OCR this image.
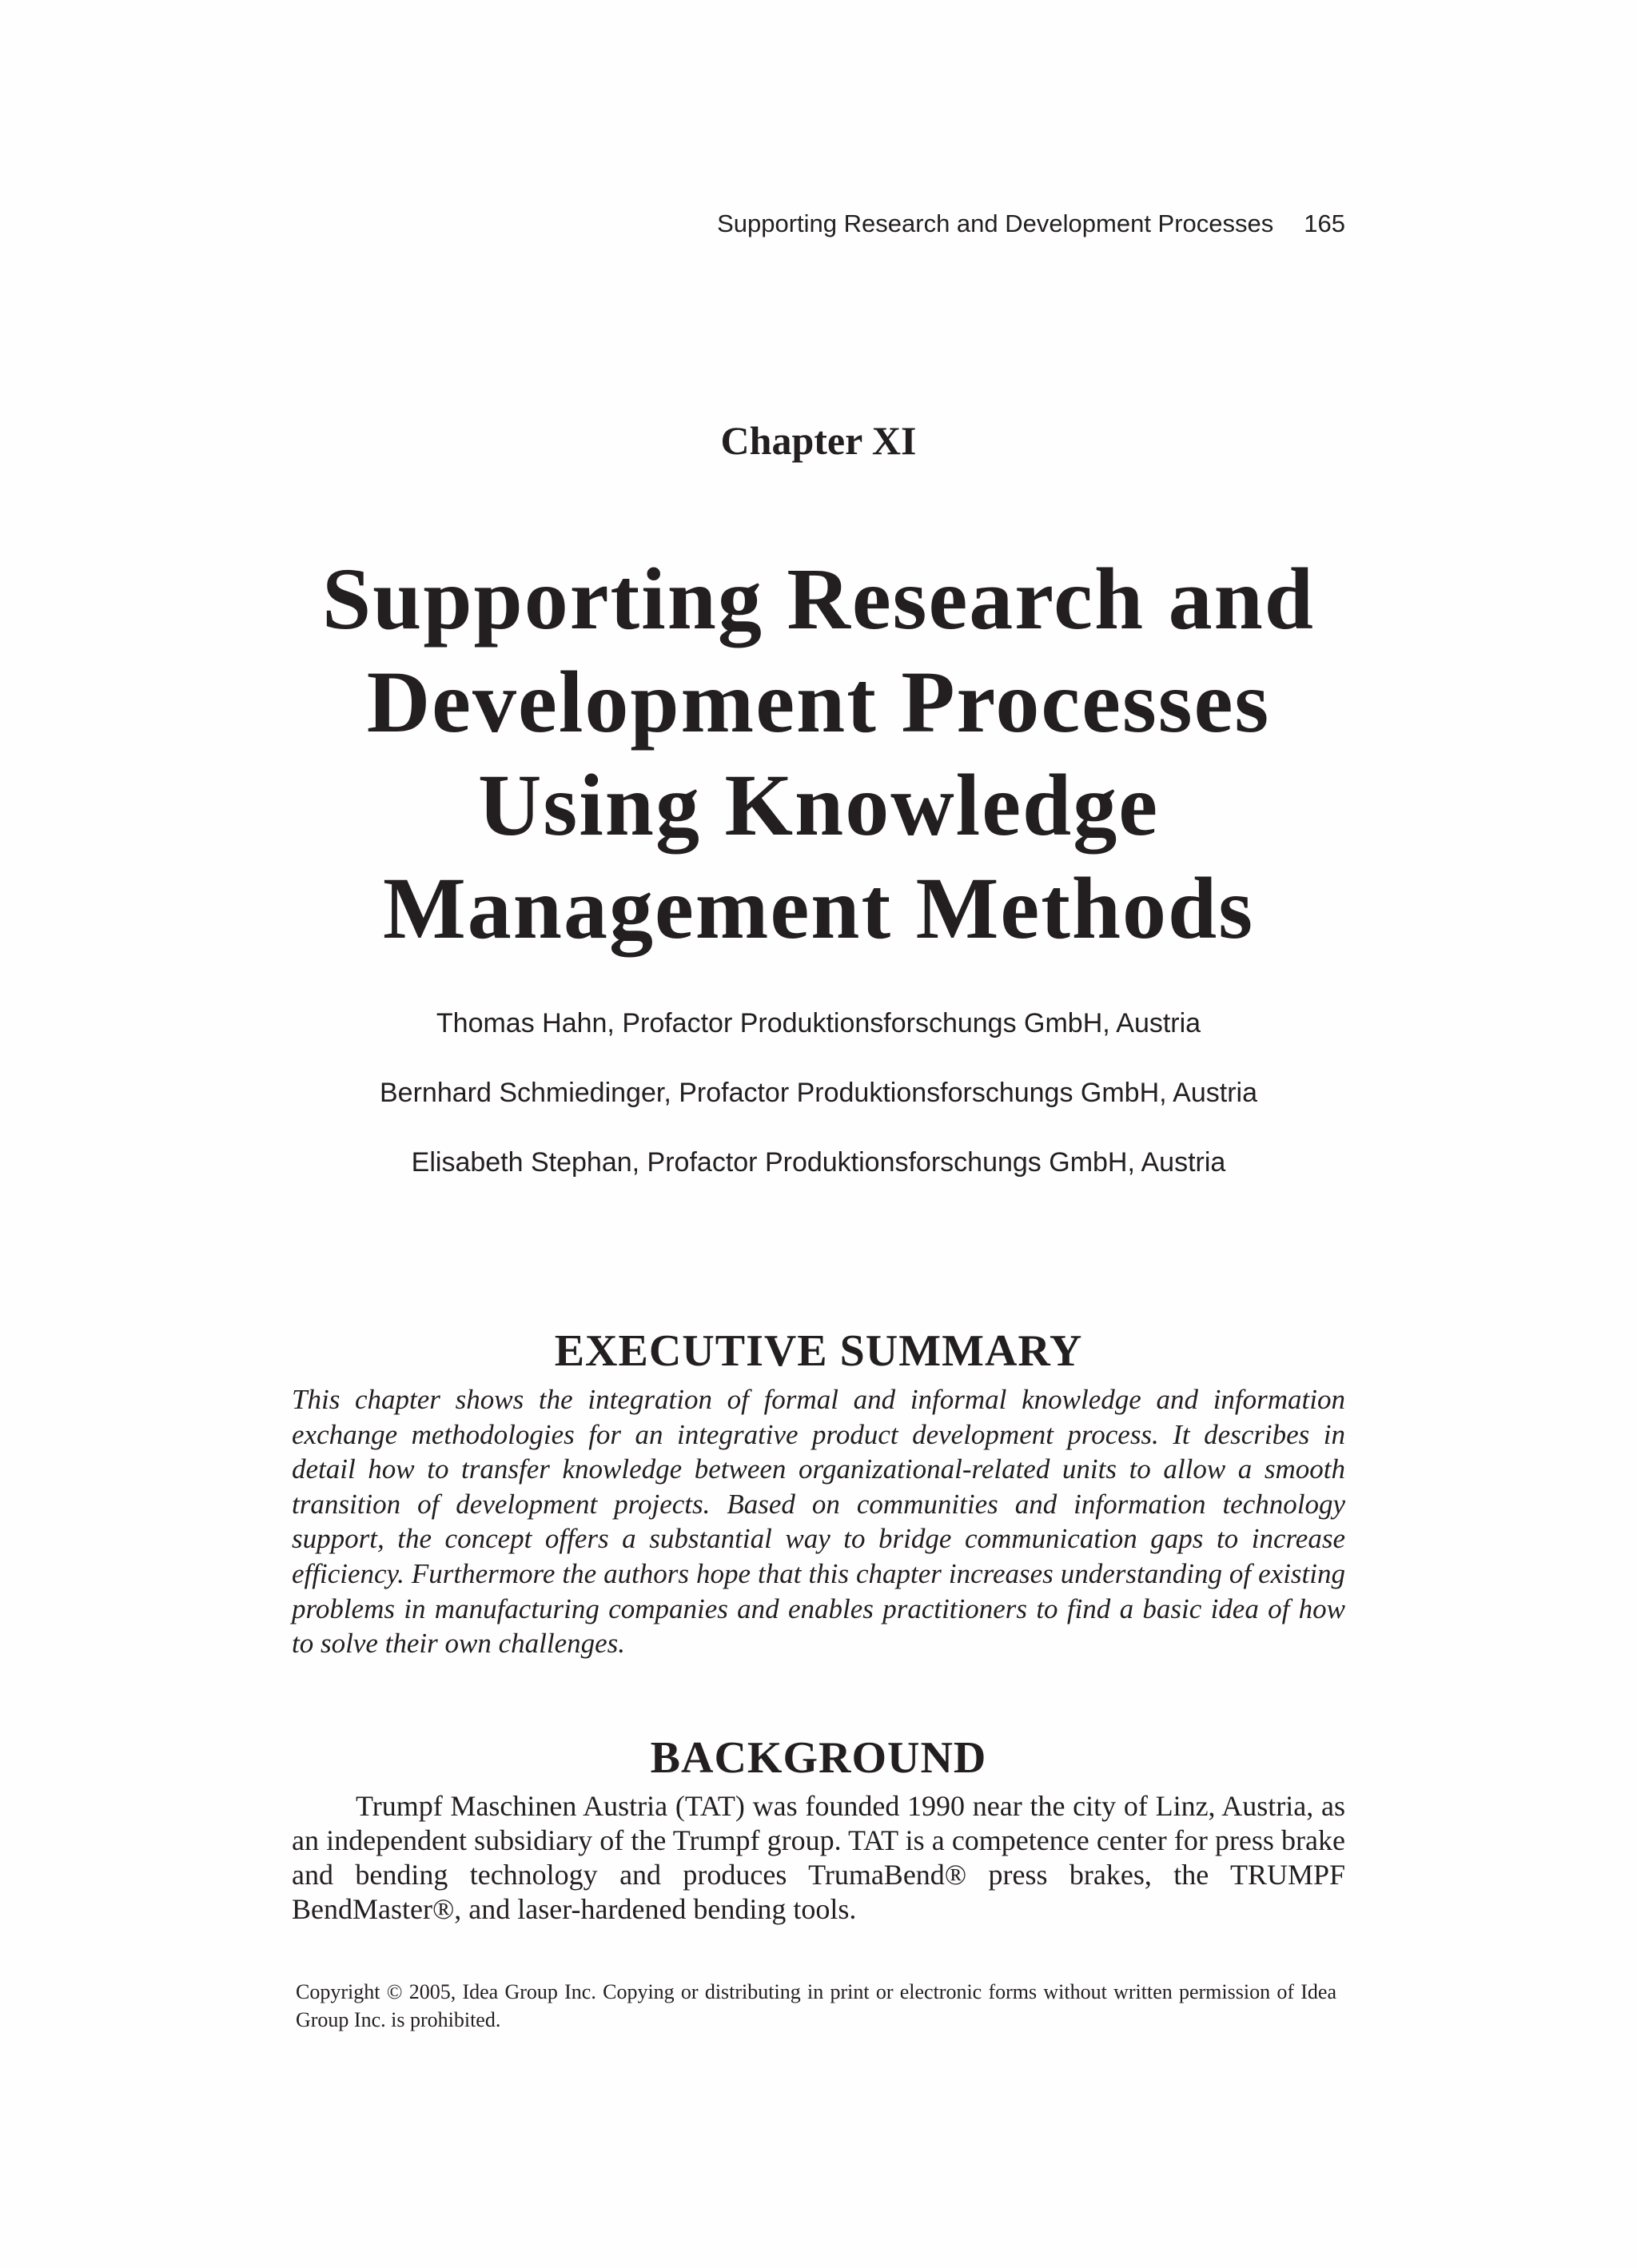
Supporting Research and Development Processes 165
Chapter XI
Supporting Research and
Development Processes
Using Knowledge
Management Methods
Thomas Hahn, Profactor Produktionsforschungs GmbH, Austria
Bernhard Schmiedinger, Profactor Produktionsforschungs GmbH, Austria
Elisabeth Stephan, Profactor Produktionsforschungs GmbH, Austria
EXECUTIVE SUMMARY
This chapter shows the integration of formal and informal knowledge and information exchange methodologies for an integrative product development process. It describes in detail how to transfer knowledge between organizational-related units to allow a smooth transition of development projects. Based on communities and information technology support, the concept offers a substantial way to bridge communication gaps to increase efficiency. Furthermore the authors hope that this chapter increases understanding of existing problems in manufacturing companies and enables practitioners to find a basic idea of how to solve their own challenges.
BACKGROUND
Trumpf Maschinen Austria (TAT) was founded 1990 near the city of Linz, Austria, as an independent subsidiary of the Trumpf group. TAT is a competence center for press brake and bending technology and produces TrumaBend® press brakes, the TRUMPF BendMaster®, and laser-hardened bending tools.
Copyright © 2005, Idea Group Inc. Copying or distributing in print or electronic forms without written permission of Idea Group Inc. is prohibited.
